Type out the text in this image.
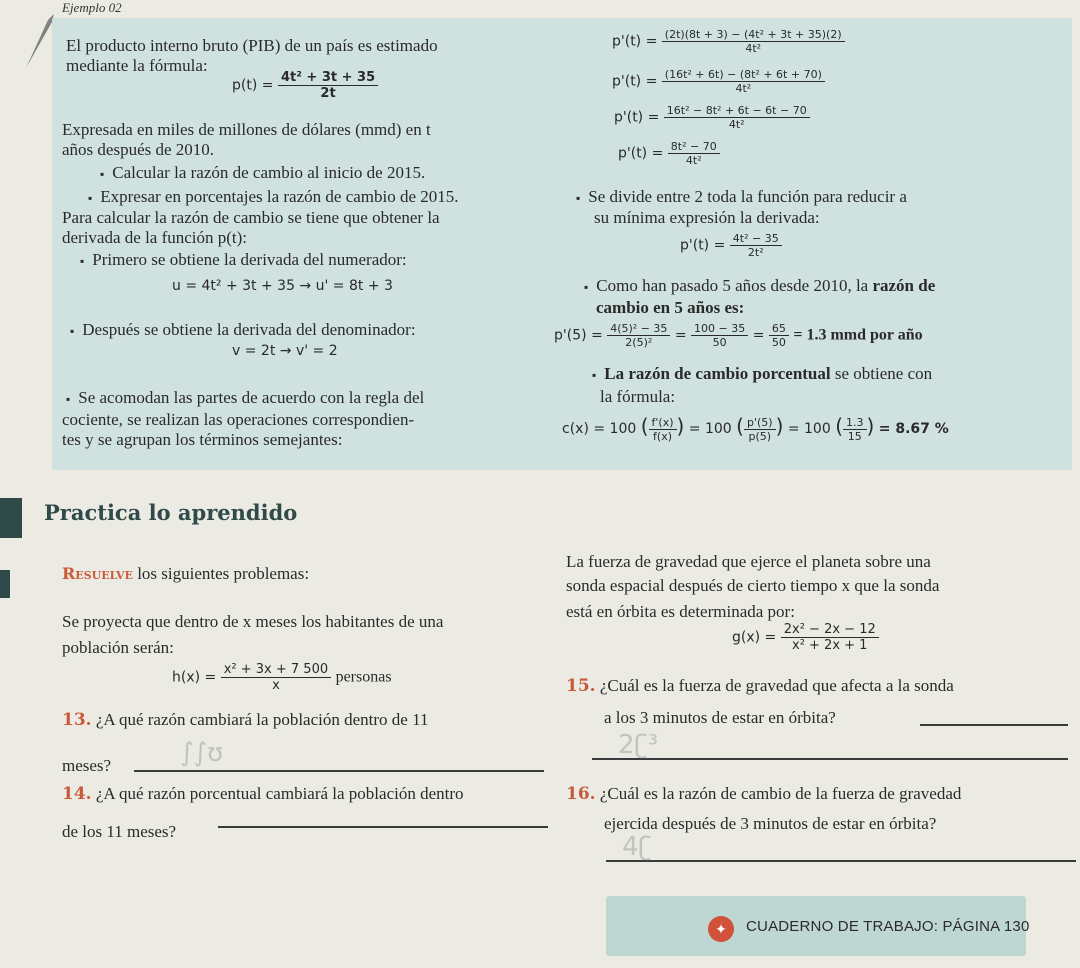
Ejemplo 02
El producto interno bruto (PIB) de un país es estimado
mediante la fórmula:
$p(t) = \frac{\text{4t² + 3t + 35}}{2t}$
Expresada en miles de millones de dólares (mmd) en t
años después de 2010.
▪ Calcular la razón de cambio al inicio de 2015.
▪ Expresar en porcentajes la razón de cambio de 2015.
Para calcular la razón de cambio se tiene que obtener la
derivada de la función p(t):
▪ Primero se obtiene la derivada del numerador:
u = 4t² + 3t + 35 → u' = 8t + 3
▪ Después se obtiene la derivada del denominador:
v = 2t → v' = 2
▪ Se acomodan las partes de acuerdo con la regla del
cociente, se realizan las operaciones correspondien-
tes y se agrupan los términos semejantes:
$p'(t) = \frac{\text{(2t)(8t + 3) − (4t² + 3t + 35)(2)}}{\text{4t²}}$
$p'(t) = \frac{\text{(16t² + 6t) − (8t² + 6t + 70)}}{\text{4t²}}$
$p'(t) = \frac{\text{16t² − 8t² + 6t − 6t − 70}}{\text{4t²}}$
$p'(t) = \frac{\text{8t² − 70}}{\text{4t²}}$
▪ Se divide entre 2 toda la función para reducir a
su mínima expresión la derivada:
$p'(t) = \frac{\text{4t² − 35}}{\text{2t²}}$
▪ Como han pasado 5 años desde 2010, la razón de
cambio en 5 años es:
$p'(5) = \frac{\text{4(5)² − 35}}{\text{2(5)²}} = \frac{100 - 35}{50} = \frac{65}{50} = 1.3$ mmd por año
▪ La razón de cambio porcentual se obtiene con
la fórmula:
c(x) = 100 ( $\frac{f'(x)}{f(x)}$ ) = 100 ( $\frac{p'(5)}{p(5)}$ ) = 100 ( $\frac{1.3}{15}$ ) = 8.67 %
Practica lo aprendido
Resuelve los siguientes problemas:
Se proyecta que dentro de x meses los habitantes de una
población serán:
$h(x) = \frac{\text{x² + 3x + 7 500}}{x}$ personas
13. ¿A qué razón cambiará la población dentro de 11
meses?	∫∫ʊ
14. ¿A qué razón porcentual cambiará la población dentro
de los 11 meses?
La fuerza de gravedad que ejerce el planeta sobre una
sonda espacial después de cierto tiempo x que la sonda
está en órbita es determinada por:
$g(x) = \frac{\text{2x² − 2x − 12}}{\text{x² + 2x + 1}}$
15. ¿Cuál es la fuerza de gravedad que afecta a la sonda
a los 3 minutos de estar en órbita?
2ʗ³
16. ¿Cuál es la razón de cambio de la fuerza de gravedad
ejercida después de 3 minutos de estar en órbita?
4ʗ
✦	CUADERNO DE TRABAJO: PÁGINA 130
